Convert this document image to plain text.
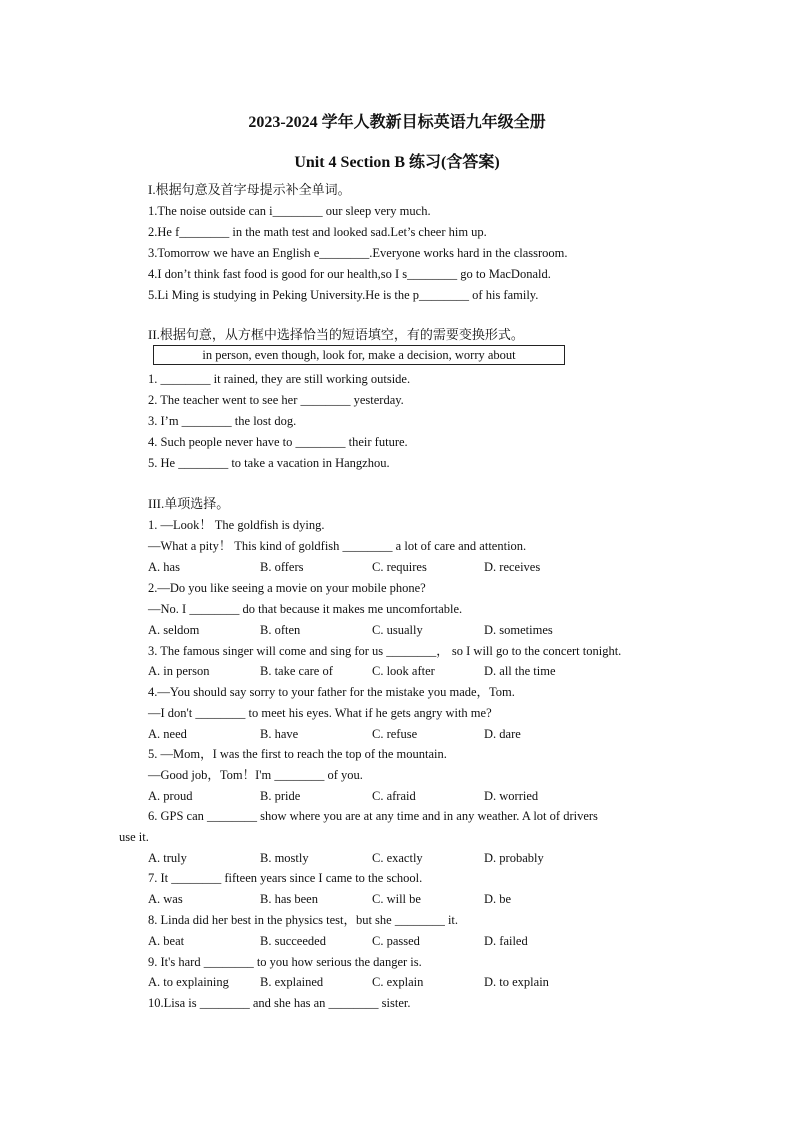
2023-2024 学年人教新目标英语九年级全册
Unit 4 Section B 练习(含答案)
I.根据句意及首字母提示补全单词。
1.The noise outside can i________ our sleep very much.
2.He f________ in the math test and looked sad.Let’s cheer him up.
3.Tomorrow we have an English e________.Everyone works hard in the classroom.
4.I don’t think fast food is good for our health,so I s________ go to MacDonald.
5.Li Ming is studying in Peking University.He is the p________ of his family.
II.根据句意，从方框中选择恰当的短语填空，有的需要变换形式。
in person, even though, look for, make a decision, worry about
1. ________ it rained, they are still working outside.
2. The teacher went to see her ________ yesterday.
3. I’m ________ the lost dog.
4. Such people never have to ________ their future.
5. He ________ to take a vacation in Hangzhou.
III.单项选择。
1. —Look！ The goldfish is dying.
—What a pity！ This kind of goldfish ________ a lot of care and attention.
A. has	B. offers	C. requires	D. receives
2.—Do you like seeing a movie on your mobile phone?
—No. I ________ do that because it makes me uncomfortable.
A. seldom	B. often	C. usually	D. sometimes
3. The famous singer will come and sing for us ________， so I will go to the concert tonight.
A. in person	B. take care of	C. look after	D. all the time
4.—You should say sorry to your father for the mistake you made，Tom.
—I don't ________ to meet his eyes. What if he gets angry with me?
A. need	B. have	C. refuse	D. dare
5. —Mom，I was the first to reach the top of the mountain.
—Good job，Tom！I'm ________ of you.
A. proud	B. pride	C. afraid	D. worried
6. GPS can ________ show where you are at any time and in any weather. A lot of drivers
use it.
A. truly	B. mostly	C. exactly	D. probably
7. It ________ fifteen years since I came to the school.
A. was	B. has been	C. will be	D. be
8. Linda did her best in the physics test，but she ________ it.
A. beat	B. succeeded	C. passed	D. failed
9. It's hard ________ to you how serious the danger is.
A. to explaining B. explained	C. explain	D. to explain
10.Lisa is ________ and she has an ________ sister.
